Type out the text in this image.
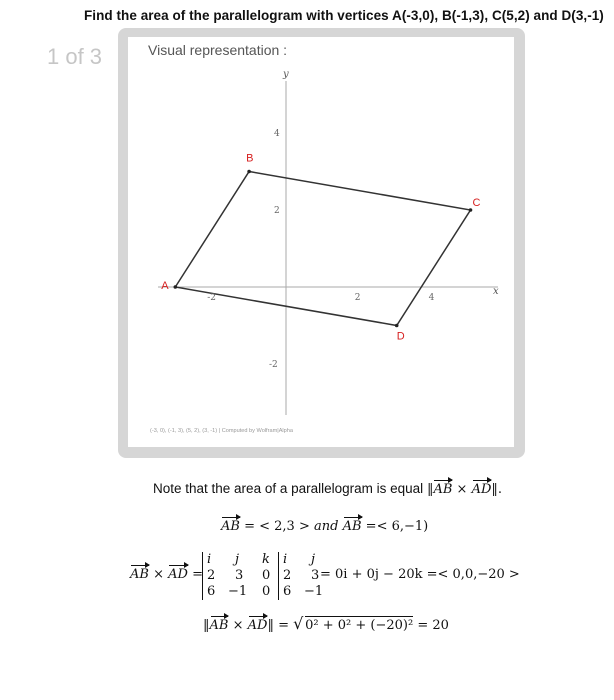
Find the area of the parallelogram with vertices A(-3,0), B(-1,3), C(5,2) and D(3,-1)
1 of 3	Visual representation :
x
y
-2	2	4
4
2
-2
A
B
C
D
(-3, 0), (-1, 3), (5, 2), (3, -1) | Computed by Wolfram|Alpha
Note that the area of a parallelogram is equal ‖AB × AD‖.
AB = < 2,3 > and AB =< 6,−1)
AB × AD =
i j k i j
2 3 0 2 3
6 −1 0 6 −1
= 0i + 0j − 20k =< 0,0,−20 >
‖AB × AD‖ = √ 0² + 0² + (−20)² = 20
